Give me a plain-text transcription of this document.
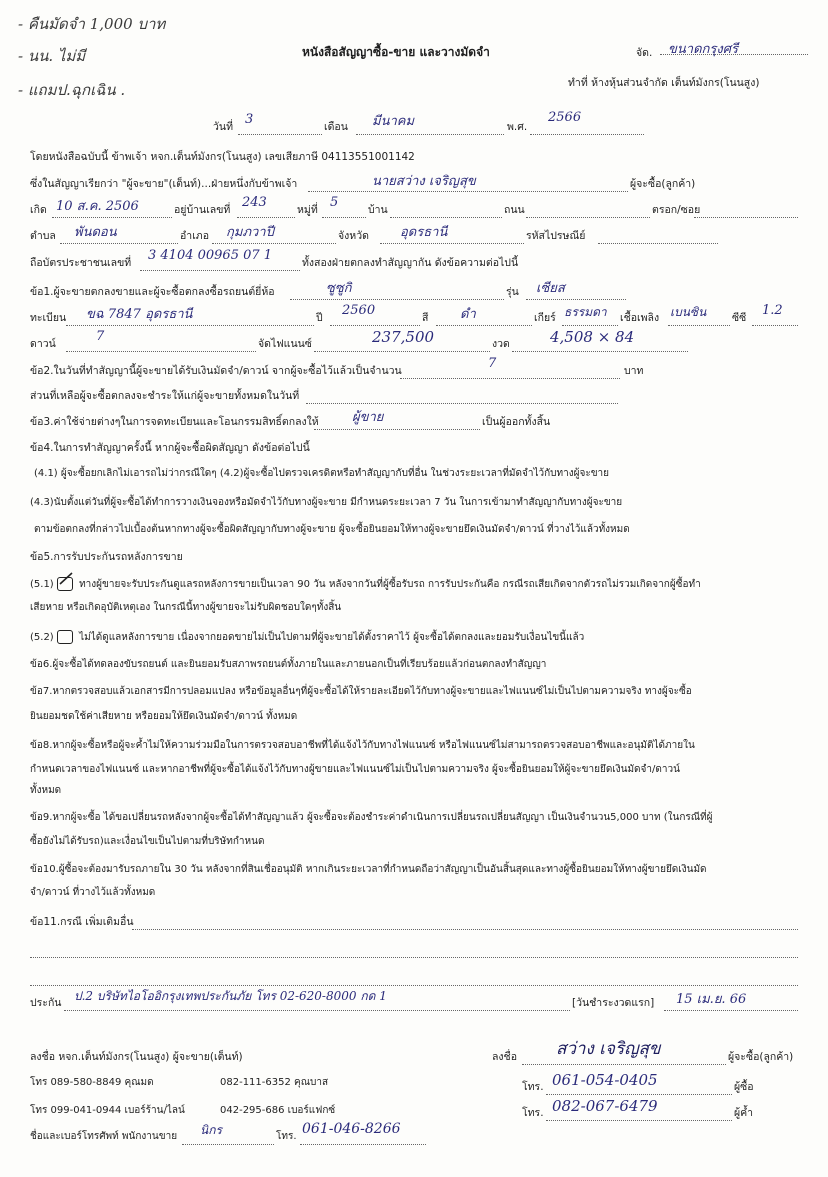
- คืนมัดจำ 1,000 บาท
- นน. ไม่มี
- แถมป.ฉุกเฉิน .
หนังสือสัญญาซื้อ-ขาย และวางมัดจำ	จัด. ขนาดกรุงศรี
ทำที่ ห้างหุ้นส่วนจำกัด เต็นท์มังกร(โนนสูง)
วันที่ 3	เดือน มีนาคม	พ.ศ.
2566
โดยหนังสือฉบับนี้ ข้าพเจ้า หจก.เต็นท์มังกร(โนนสูง) เลขเสียภาษี 04113551001142
ซึ่งในสัญญาเรียกว่า "ผู้จะขาย"(เต็นท์)...ฝ่ายหนึ่งกับข้าพเจ้า	นายสว่าง เจริญสุข	ผู้จะซื้อ(ลูกค้า)
เกิด 10 ส.ค. 2506	อยู่บ้านเลขที่ 243	หมู่ที่ 5	บ้าน	ถนน	ตรอก/ซอย
ตำบล พันดอน	อำเภอ กุมภวาปี	จังหวัด อุดรธานี	รหัสไปรษณีย์
ถือบัตรประชาชนเลขที่ 3 4104 00965 07 1	ทั้งสองฝ่ายตกลงทำสัญญากัน ดังข้อความต่อไปนี้
ข้อ1.ผู้จะขายตกลงขายและผู้จะซื้อตกลงซื้อรถยนต์ยี่ห้อ	ซูซูกิ	รุ่น เซียส
ทะเบียน ขฉ 7847 อุดรธานี	ปี 2560	สี ดำ	เกียร์ ธรรมดา เชื้อเพลิง เบนซิน ซีซี 1.2
ดาวน์	7	จัดไฟแนนซ์	237,500	งวด	4,508 × 84
ข้อ2.ในวันที่ทำสัญญานี้ผู้จะขายได้รับเงินมัดจำ/ดาวน์ จากผู้จะซื้อไว้แล้วเป็นจำนวน	7	บาท
ส่วนที่เหลือผู้จะซื้อตกลงจะชำระให้แก่ผู้จะขายทั้งหมดในวันที่
ข้อ3.ค่าใช้จ่ายต่างๆในการจดทะเบียนและโอนกรรมสิทธิ์ตกลงให้	ผู้ขาย	เป็นผู้ออกทั้งสิ้น
ข้อ4.ในการทำสัญญาครั้งนี้ หากผู้จะซื้อผิดสัญญา ดังข้อต่อไปนี้
(4.1) ผู้จะซื้อยกเลิกไม่เอารถไม่ว่ากรณีใดๆ (4.2)ผู้จะซื้อไปตรวจเครดิตหรือทำสัญญากับที่อื่น ในช่วงระยะเวลาที่มัดจำไว้กับทางผู้จะขาย
(4.3)นับตั้งแต่วันที่ผู้จะซื้อได้ทำการวางเงินจองหรือมัดจำไว้กับทางผู้จะขาย มีกำหนดระยะเวลา 7 วัน ในการเข้ามาทำสัญญากับทางผู้จะขาย
ตามข้อตกลงที่กล่าวไปเบื้องต้นหากทางผู้จะซื้อผิดสัญญากับทางผู้จะขาย ผู้จะซื้อยินยอมให้ทางผู้จะขายยึดเงินมัดจำ/ดาวน์ ที่วางไว้แล้วทั้งหมด
ข้อ5.การรับประกันรถหลังการขาย
(5.1)	ทางผู้ขายจะรับประกันดูแลรถหลังการขายเป็นเวลา 90 วัน หลังจากวันที่ผู้ซื้อรับรถ การรับประกันคือ กรณีรถเสียเกิดจากตัวรถไม่รวมเกิดจากผู้ซื้อทำ
เสียหาย หรือเกิดอุบัติเหตุเอง ในกรณีนี้ทางผู้ขายจะไม่รับผิดชอบใดๆทั้งสิ้น
(5.2)	ไม่ได้ดูแลหลังการขาย เนื่องจากยอดขายไม่เป็นไปตามที่ผู้จะขายได้ตั้งราคาไว้ ผู้จะซื้อได้ตกลงและยอมรับเงื่อนไขนี้แล้ว
ข้อ6.ผู้จะซื้อได้ทดลองขับรถยนต์ และยินยอมรับสภาพรถยนต์ทั้งภายในและภายนอกเป็นที่เรียบร้อยแล้วก่อนตกลงทำสัญญา
ข้อ7.หากตรวจสอบแล้วเอกสารมีการปลอมแปลง หรือข้อมูลอื่นๆที่ผู้จะซื้อได้ให้รายละเอียดไว้กับทางผู้จะขายและไฟแนนซ์ไม่เป็นไปตามความจริง ทางผู้จะซื้อ
ยินยอมชดใช้ค่าเสียหาย หรือยอมให้ยึดเงินมัดจำ/ดาวน์ ทั้งหมด
ข้อ8.หากผู้จะซื้อหรือผู้จะค้ำไม่ให้ความร่วมมือในการตรวจสอบอาชีพที่ได้แจ้งไว้กับทางไฟแนนซ์ หรือไฟแนนซ์ไม่สามารถตรวจสอบอาชีพและอนุมัติได้ภายใน
กำหนดเวลาของไฟแนนซ์ และหากอาชีพที่ผู้จะซื้อได้แจ้งไว้กับทางผู้ขายและไฟแนนซ์ไม่เป็นไปตามความจริง ผู้จะซื้อยินยอมให้ผู้จะขายยึดเงินมัดจำ/ดาวน์
ทั้งหมด
ข้อ9.หากผู้จะซื้อ ได้ขอเปลี่ยนรถหลังจากผู้จะซื้อได้ทำสัญญาแล้ว ผู้จะซื้อจะต้องชำระค่าดำเนินการเปลี่ยนรถเปลี่ยนสัญญา เป็นเงินจำนวน5,000 บาท (ในกรณีที่ผู้
ซื้อยังไม่ได้รับรถ)และเงื่อนไขเป็นไปตามที่บริษัทกำหนด
ข้อ10.ผู้ซื้อจะต้องมารับรถภายใน 30 วัน หลังจากที่สินเชื่ออนุมัติ หากเกินระยะเวลาที่กำหนดถือว่าสัญญาเป็นอันสิ้นสุดและทางผู้ซื้อยินยอมให้ทางผู้ขายยึดเงินมัด
จำ/ดาวน์ ที่วางไว้แล้วทั้งหมด
ข้อ11.กรณี เพิ่มเติมอื่น
ประกัน ป.2 บริษัทไอโออิกรุงเทพประกันภัย โทร 02-620-8000 กด 1	[วันชำระงวดแรก] 15 เม.ย. 66
ลงชื่อ หจก.เต็นท์มังกร(โนนสูง) ผู้จะขาย(เต็นท์)	ลงชื่อ สว่าง เจริญสุข	ผู้จะซื้อ(ลูกค้า)
โทร 089-580-8849 คุณมด	082-111-6352 คุณบาส
โทร 099-041-0944 เบอร์ร้าน/ไลน์	042-295-686 เบอร์แฟกซ์
โทร. 061-054-0405	ผู้ซื้อ
โทร. 082-067-6479	ผู้ค้ำ
ชื่อและเบอร์โทรศัพท์ พนักงานขาย นิกร	โทร. 061-046-8266
